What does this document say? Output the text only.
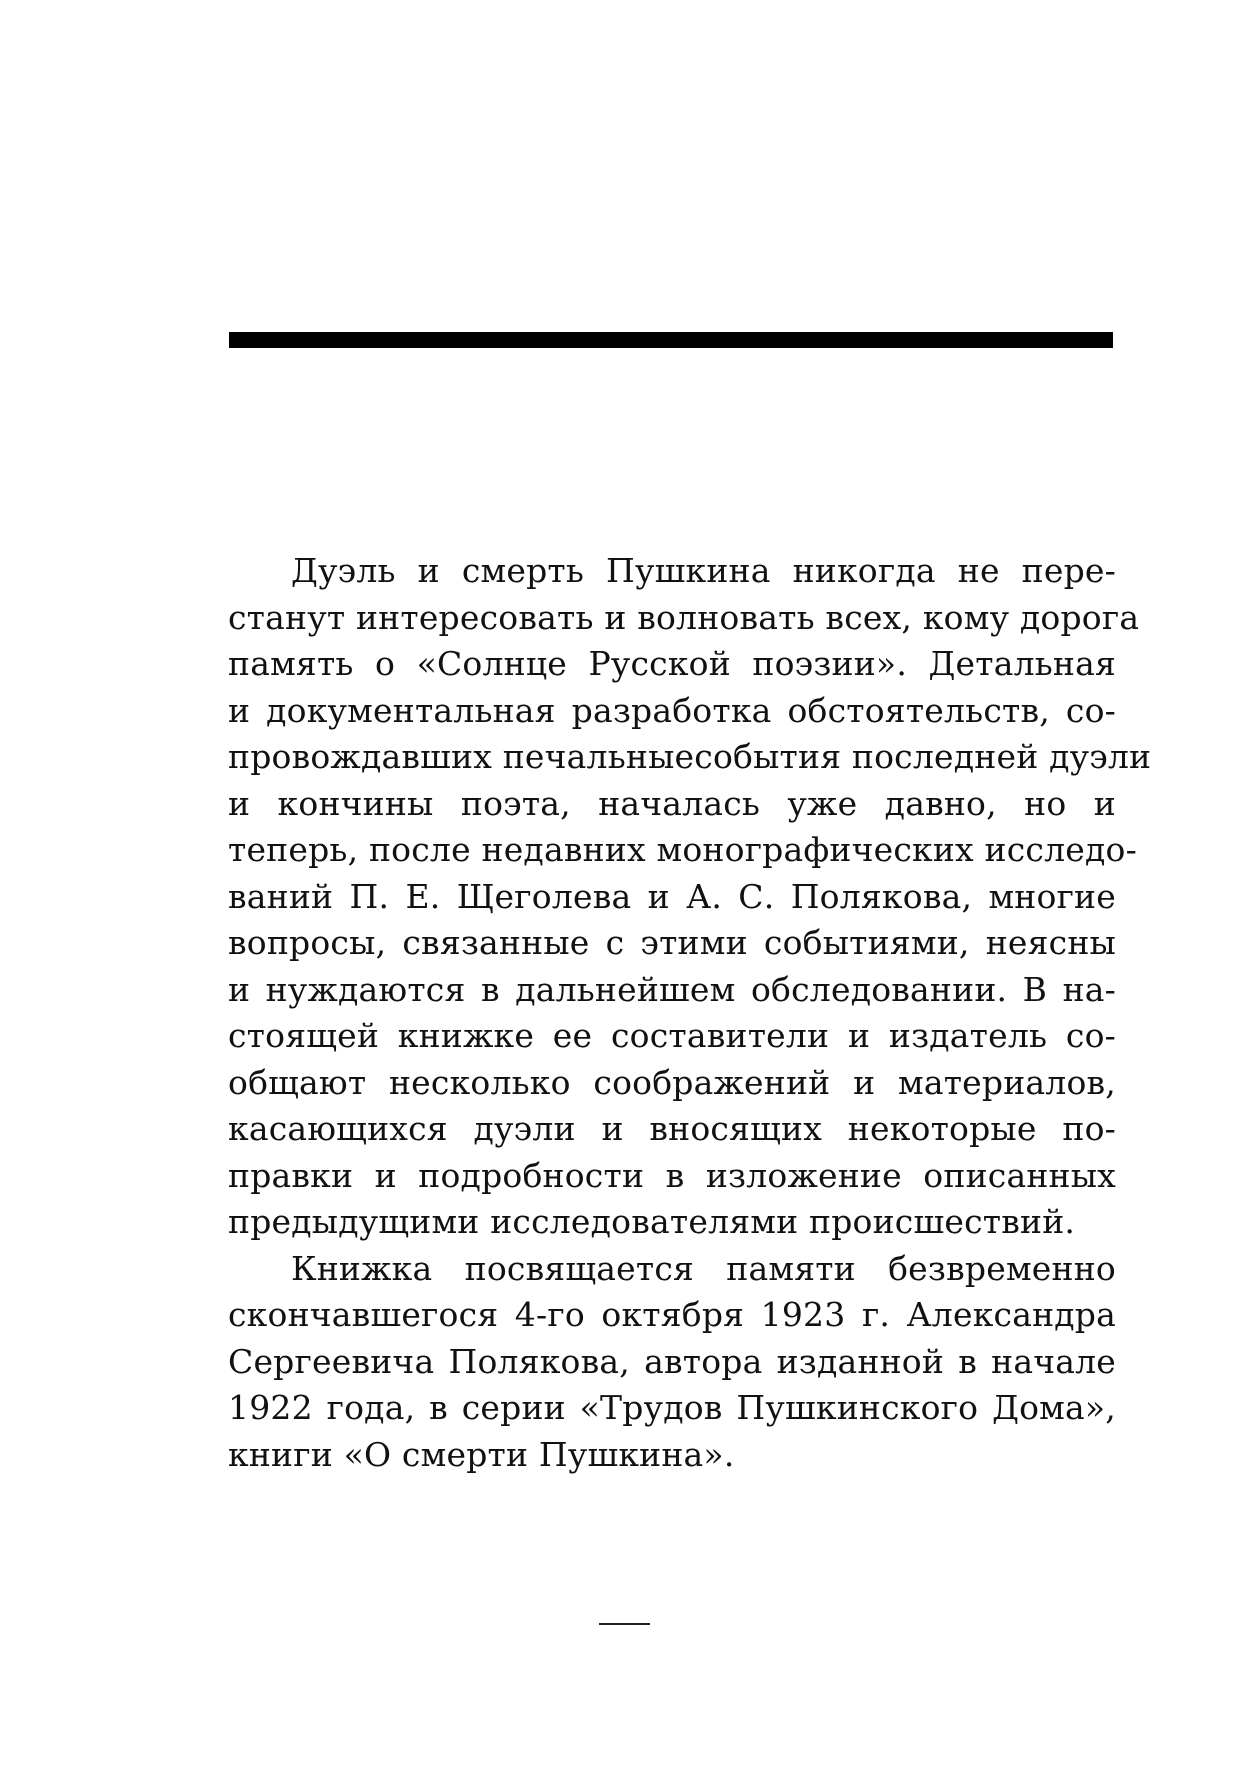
Дуэль и смерть Пушкина никогда не пере-
станут интересовать и волновать всех, кому дорога
память о «Солнце Русской поэзии». Детальная
и документальная разработка обстоятельств, со-
провождавших печальныесобытия последней дуэли
и кончины поэта, началась уже давно, но и
теперь, после недавних монографических исследо-
ваний П. Е. Щеголева и А. С. Полякова, многие
вопросы, связанные с этими событиями, неясны
и нуждаются в дальнейшем обследовании. В на-
стоящей книжке ее составители и издатель со-
общают несколько соображений и материалов,
касающихся дуэли и вносящих некоторые по-
правки и подробности в изложение описанных
предыдущими исследователями происшествий.
Книжка посвящается памяти безвременно
скончавшегося 4-го октября 1923 г. Александра
Сергеевича Полякова, автора изданной в начале
1922 года, в серии «Трудов Пушкинского Дома»,
книги «О смерти Пушкина».
